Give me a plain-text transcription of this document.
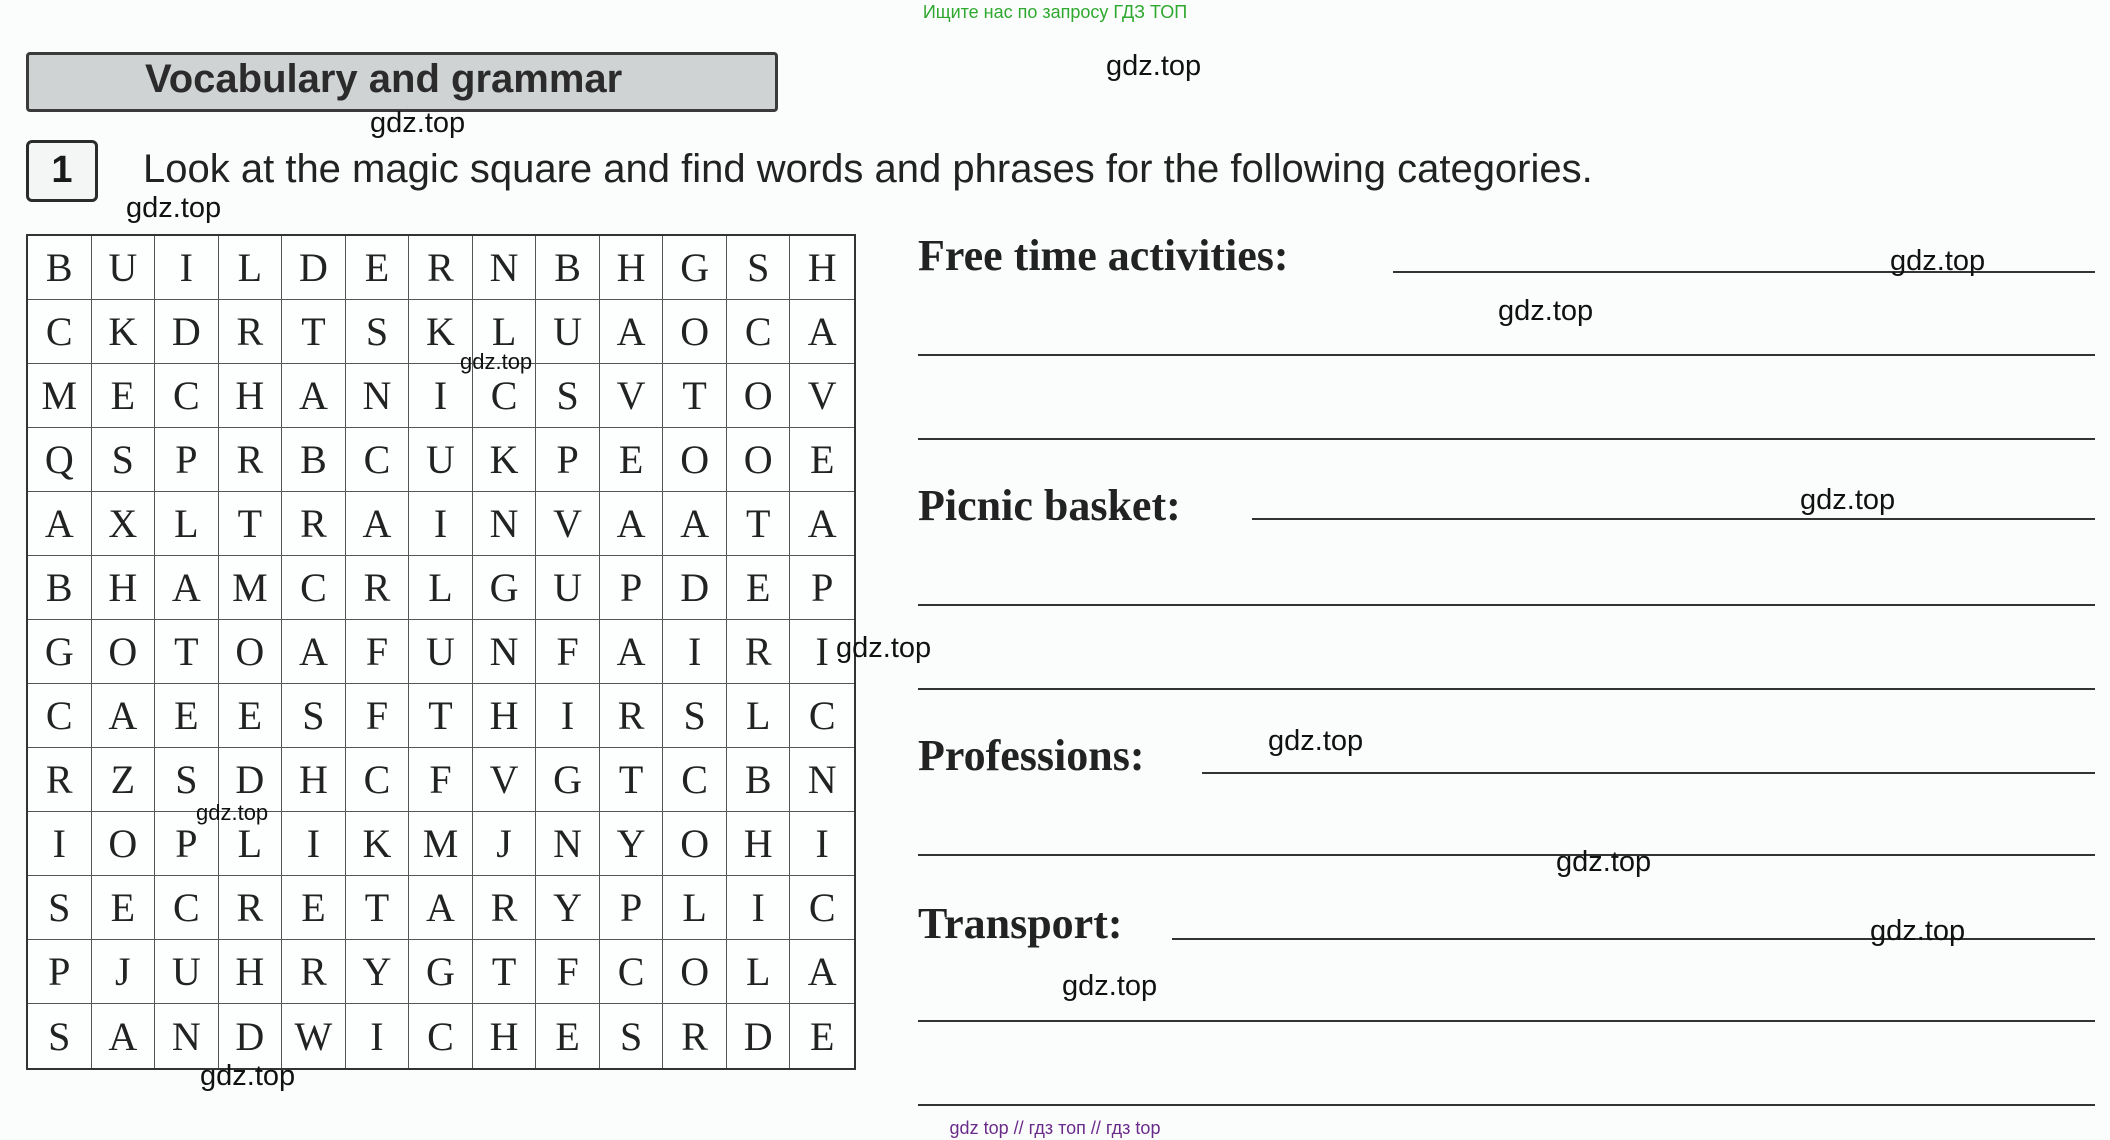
Ищите нас по запросу ГДЗ ТОП
Vocabulary and grammar
1	Look at the magic square and find words and phrases for the following categories.
B U	I	L D E R N B H G S H
C K D R T	S K L U A O C A
M E C H A N	I	C S V T O V
Q S	P R B C U K P	E O O E
A X L T R A	I	N V A A T A
B H A M C R L G U P D E	P
G O T O A F U N F A	I	R	I
C A E E	S	F	T H	I	R S	L C
R Z	S D H C F V G T C B N
I	O P	L	I	K M J	N Y O H	I
S	E C R E T A R Y P	L	I	C
P	J	U H R Y G T	F C O L A
S A N D W I	C H E	S R D E
Free time activities:
Picnic basket:
Professions:
Transport:
gdz.top
gdz.top
gdz.top
gdz.top
gdz.top
gdz.top
gdz.top
gdz.top
gdz.top
gdz.top
gdz.top
gdz.top
gdz.top
gdz.top
gdz top // гдз топ // гдз top
